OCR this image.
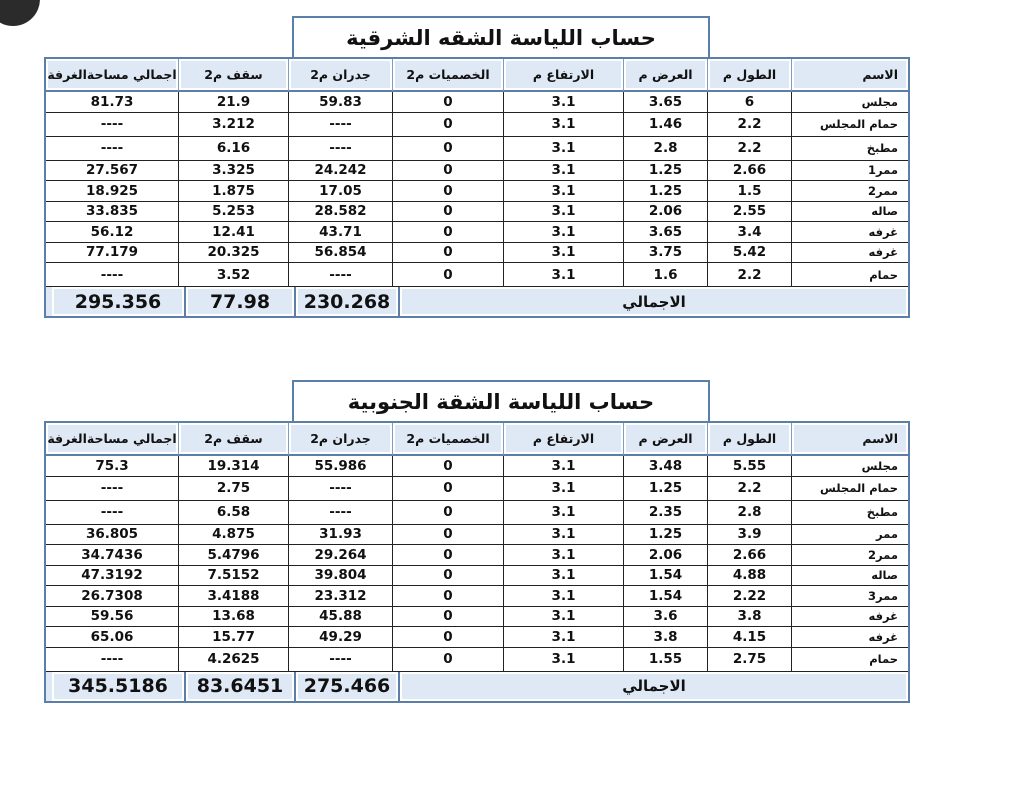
حساب اللياسة الشقه الشرقية
الاسم
الطول م
العرض م
الارتفاع م
الخصميات م2
جدران م2
سقف م2
اجمالي مساحةالغرفة
مجلس
6
3.65
3.1
0
59.83
21.9
81.73
حمام المجلس
2.2
1.46
3.1
0
----
3.212
----
مطبخ
2.2
2.8
3.1
0
----
6.16
----
ممر1
2.66
1.25
3.1
0
24.242
3.325
27.567
ممر2
1.5
1.25
3.1
0
17.05
1.875
18.925
صاله
2.55
2.06
3.1
0
28.582
5.253
33.835
غرفه
3.4
3.65
3.1
0
43.71
12.41
56.12
غرفه
5.42
3.75
3.1
0
56.854
20.325
77.179
حمام
2.2
1.6
3.1
0
----
3.52
----
الاجمالي
230.268
77.98
295.356
حساب اللياسة الشقة الجنوبية
الاسم
الطول م
العرض م
الارتفاع م
الخصميات م2
جدران م2
سقف م2
اجمالي مساحةالغرفة
مجلس
5.55
3.48
3.1
0
55.986
19.314
75.3
حمام المجلس
2.2
1.25
3.1
0
----
2.75
----
مطبخ
2.8
2.35
3.1
0
----
6.58
----
ممر
3.9
1.25
3.1
0
31.93
4.875
36.805
ممر2
2.66
2.06
3.1
0
29.264
5.4796
34.7436
صاله
4.88
1.54
3.1
0
39.804
7.5152
47.3192
ممر3
2.22
1.54
3.1
0
23.312
3.4188
26.7308
غرفه
3.8
3.6
3.1
0
45.88
13.68
59.56
غرفه
4.15
3.8
3.1
0
49.29
15.77
65.06
حمام
2.75
1.55
3.1
0
----
4.2625
----
الاجمالي
275.466
83.6451
345.5186
